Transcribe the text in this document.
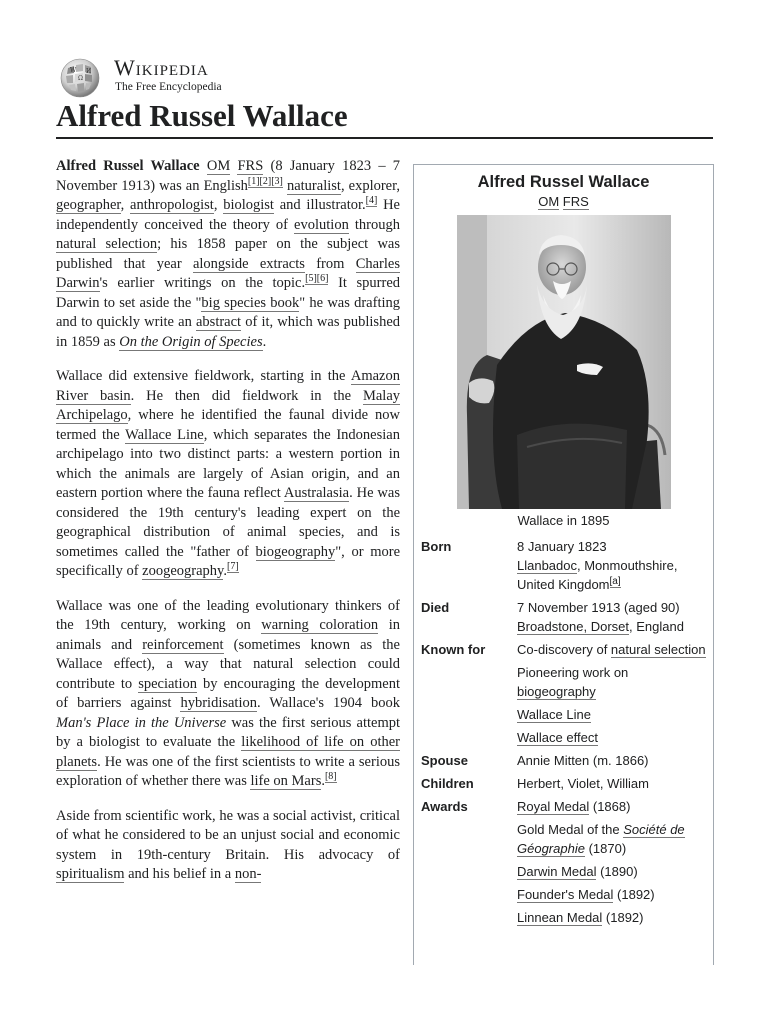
W
Ω
И Wikipedia
The Free Encyclopedia
Alfred Russel Wallace

Alfred Russel Wallace OM FRS (8 January 1823 – 7 November 1913) was an English[1][2][3] naturalist, explorer, geographer, anthropologist, biologist and illustrator.[4] He independently conceived the theory of evolution through natural selection; his 1858 paper on the subject was published that year alongside extracts from Charles Darwin's earlier writings on the topic.[5][6] It spurred Darwin to set aside the "big species book" he was drafting and to quickly write an abstract of it, which was published in 1859 as On the Origin of Species.

Wallace did extensive fieldwork, starting in the Amazon River basin. He then did fieldwork in the Malay Archipelago, where he identified the faunal divide now termed the Wallace Line, which separates the Indonesian archipelago into two distinct parts: a western portion in which the animals are largely of Asian origin, and an eastern portion where the fauna reflect Australasia. He was considered the 19th century's leading expert on the geographical distribution of animal species, and is sometimes called the "father of biogeography", or more specifically of zoogeography.[7]

Wallace was one of the leading evolutionary thinkers of the 19th century, working on warning coloration in animals and reinforcement (sometimes known as the Wallace effect), a way that natural selection could contribute to speciation by encouraging the development of barriers against hybridisation. Wallace's 1904 book Man's Place in the Universe was the first serious attempt by a biologist to evaluate the likelihood of life on other planets. He was one of the first scientists to write a serious exploration of whether there was life on Mars.[8]

Aside from scientific work, he was a social activist, critical of what he considered to be an unjust social and economic system in 19th-century Britain. His advocacy of spiritualism and his belief in a non-

Alfred Russel Wallace
OM FRS
Wallace in 1895
Born	8 January 1823
Llanbadoc, Monmouthshire, United Kingdom[a]
Died	7 November 1913 (aged 90)
Broadstone, Dorset, England
Known for	Co-discovery of natural selection
Pioneering work on biogeography
Wallace Line
Wallace effect
Spouse	Annie Mitten (m. 1866)
Children	Herbert, Violet, William
Awards	Royal Medal (1868)
Gold Medal of the Société de Géographie (1870)
Darwin Medal (1890)
Founder's Medal (1892)
Linnean Medal (1892)
